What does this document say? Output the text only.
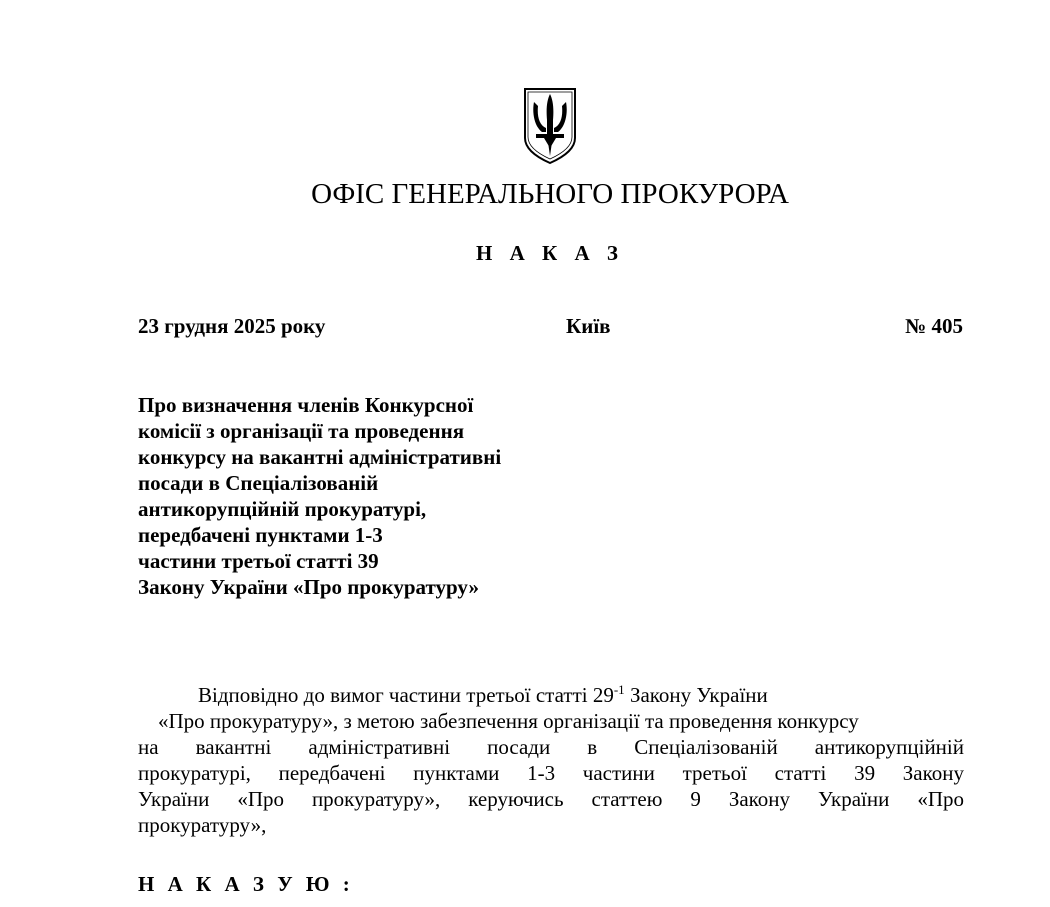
ОФІС ГЕНЕРАЛЬНОГО ПРОКУРОРА
Н А К А З
23 грудня 2025 року	Київ	№ 405
Про визначення членів Конкурсної
комісії з організації та проведення
конкурсу на вакантні адміністративні
посади в Спеціалізованій
антикорупційній прокуратурі,
передбачені пунктами 1-3
частини третьої статті 39
Закону України «Про прокуратуру»
Відповідно до вимог частини третьої статті $29^{-1}$ Закону України
«Про прокуратуру», з метою забезпечення організації та проведення конкурсу
на вакантні адміністративні посади в Спеціалізованій антикорупційній
прокуратурі, передбачені пунктами 1-3 частини третьої статті 39 Закону
України «Про прокуратуру», керуючись статтею 9 Закону України «Про
прокуратуру»,
Н А К А З У Ю :
